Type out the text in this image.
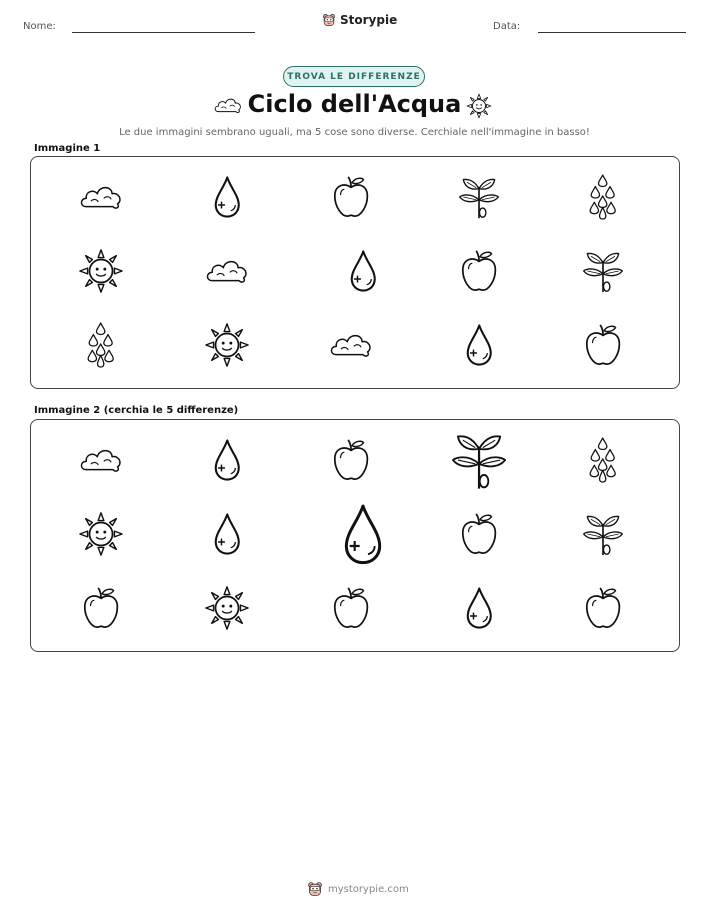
Nome:	Storypie	Data:
TROVA LE DIFFERENZE
Ciclo dell'Acqua
Le due immagini sembrano uguali, ma 5 cose sono diverse. Cerchiale nell'immagine in basso!
Immagine 1
Immagine 2 (cerchia le 5 differenze)
mystorypie.com
